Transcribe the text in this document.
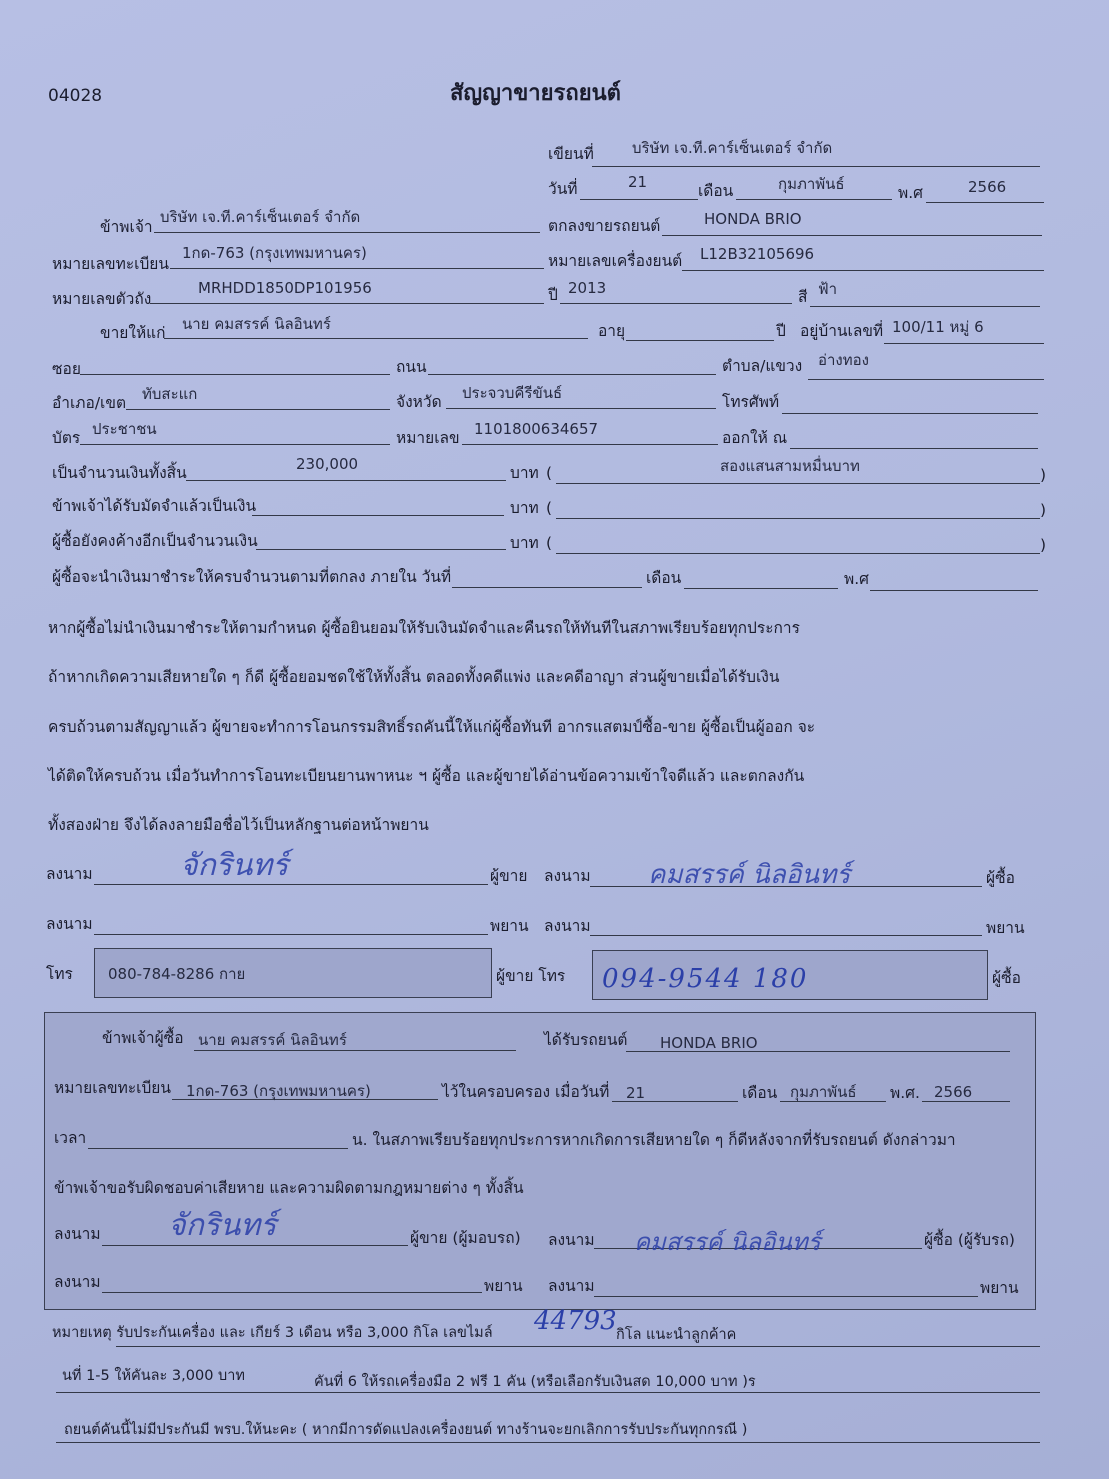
04028	สัญญาขายรถยนต์
เขียนที่	บริษัท เจ.ที.คาร์เซ็นเตอร์ จำกัด
วันที่	21	เดือน	กุมภาพันธ์	พ.ศ	2566
ข้าพเจ้า
บริษัท เจ.ที.คาร์เซ็นเตอร์ จำกัด	ตกลงขายรถยนต์	HONDA BRIO
หมายเลขทะเบียน
1กด-763 (กรุงเทพมหานคร)	หมายเลขเครื่องยนต์ L12B32105696
หมายเลขตัวถัง
MRHDD1850DP101956	ปี 2013	สี ฟ้า
ขายให้แก่ นาย คมสรรค์ นิลอินทร์	อายุ	ปี อยู่บ้านเลขที่ 100/11 หมู่ 6
ซอย	ถนน	ตำบล/แขวง อ่างทอง
อำเภอ/เขต ทับสะแก	จังหวัด ประจวบคีรีขันธ์	โทรศัพท์
บัตร ประชาชน	หมายเลข 1101800634657	ออกให้ ณ
เป็นจำนวนเงินทั้งสิ้น	230,000	บาท (	สองแสนสามหมื่นบาท	)
ข้าพเจ้าได้รับมัดจำแล้วเป็นเงิน	บาท (	)
ผู้ซื้อยังคงค้างอีกเป็นจำนวนเงิน	บาท (	)
ผู้ซื้อจะนำเงินมาชำระให้ครบจำนวนตามที่ตกลง ภายใน วันที่	เดือน	พ.ศ
หากผู้ซื้อไม่นำเงินมาชำระให้ตามกำหนด ผู้ซื้อยินยอมให้รับเงินมัดจำและคืนรถให้ทันทีในสภาพเรียบร้อยทุกประการ
ถ้าหากเกิดความเสียหายใด ๆ ก็ดี ผู้ซื้อยอมชดใช้ให้ทั้งสิ้น ตลอดทั้งคดีแพ่ง และคดีอาญา ส่วนผู้ขายเมื่อได้รับเงิน
ครบถ้วนตามสัญญาแล้ว ผู้ขายจะทำการโอนกรรมสิทธิ์รถคันนี้ให้แก่ผู้ซื้อทันที อากรแสตมป์ซื้อ-ขาย ผู้ซื้อเป็นผู้ออก จะ
ได้ติดให้ครบถ้วน เมื่อวันทำการโอนทะเบียนยานพาหนะ ฯ ผู้ซื้อ และผู้ขายได้อ่านข้อความเข้าใจดีแล้ว และตกลงกัน
ทั้งสองฝ่าย จึงได้ลงลายมือชื่อไว้เป็นหลักฐานต่อหน้าพยาน
ลงนาม	จักรินทร์	ผู้ขาย ลงนาม คมสรรค์ นิลอินทร์	ผู้ซื้อ
ลงนาม	พยาน ลงนาม	พยาน
โทร 080-784-8286 กาย	ผู้ขาย โทร 094-9544 180	ผู้ซื้อ
ข้าพเจ้าผู้ซื้อ นาย คมสรรค์ นิลอินทร์	ได้รับรถยนต์ HONDA BRIO
หมายเลขทะเบียน 1กด-763 (กรุงเทพมหานคร)	ไว้ในครอบครอง เมื่อวันที่ 21	เดือน กุมภาพันธ์ พ.ศ. 2566
เวลา	น. ในสภาพเรียบร้อยทุกประการหากเกิดการเสียหายใด ๆ ก็ดีหลังจากที่รับรถยนต์ ดังกล่าวมา
ข้าพเจ้าขอรับผิดชอบค่าเสียหาย และความผิดตามกฎหมายต่าง ๆ ทั้งสิ้น
ลงนาม จักรินทร์	ผู้ขาย (ผู้มอบรถ) ลงนาม คมสรรค์ นิลอินทร์	ผู้ซื้อ (ผู้รับรถ)
ลงนาม	พยาน ลงนาม	พยาน
หมายเหตุ รับประกันเครื่อง และ เกียร์ 3 เดือน หรือ 3,000 กิโล เลขไมล์ 44793 กิโล แนะนำลูกค้าค
นที่ 1-5 ให้คันละ 3,000 บาท	คันที่ 6 ให้รถเครื่องมือ 2 ฟรี 1 คัน (หรือเลือกรับเงินสด 10,000 บาท )ร
ถยนต์คันนี้ไม่มีประกันมี พรบ.ให้นะคะ ( หากมีการดัดแปลงเครื่องยนต์ ทางร้านจะยกเลิกการรับประกันทุกกรณี )
